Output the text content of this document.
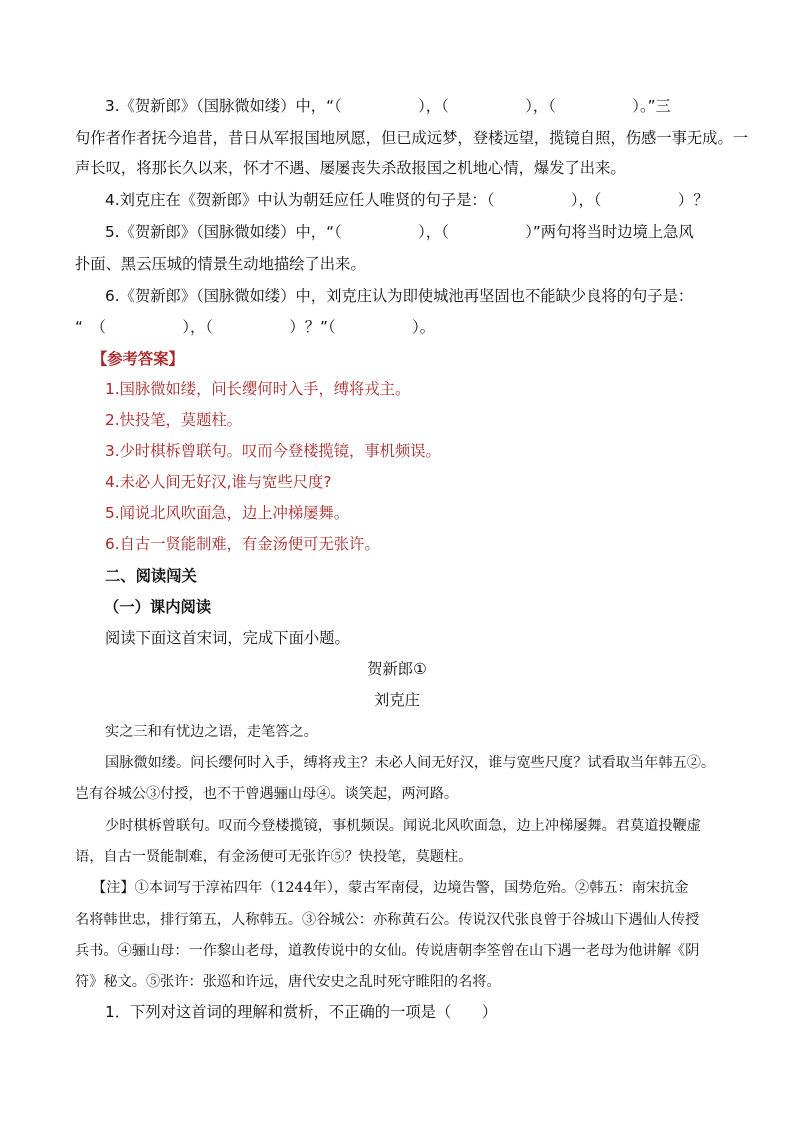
3.《贺新郎》（国脉微如缕）中，“（　　　　　），（　　　　　），（　　　　　）。”三
句作者作者抚今追昔，昔日从军报国地夙愿，但已成远梦，登楼远望，揽镜自照，伤感一事无成。一
声长叹，将那长久以来，怀才不遇、屡屡丧失杀敌报国之机地心情，爆发了出来。
4.刘克庄在《贺新郎》中认为朝廷应任人唯贤的句子是：（　　　　　），（　　　　　）？
5.《贺新郎》（国脉微如缕）中，“（　　　　　），（　　　　　）”两句将当时边境上急风
扑面、黑云压城的情景生动地描绘了出来。
6.《贺新郎》（国脉微如缕）中，刘克庄认为即使城池再坚固也不能缺少良将的句子是：
“　（　　　　　），（　　　　　）？”（　　　　　）。
【参考答案】
1.国脉微如缕，问长缨何时入手，缚将戎主。
2.快投笔，莫题柱。
3.少时棋柝曾联句。叹而今登楼揽镜，事机频误。
4.未必人间无好汉,谁与宽些尺度?
5.闻说北风吹面急，边上冲梯屡舞。
6.自古一贤能制难，有金汤便可无张许。
二、阅读闯关
（一）课内阅读
阅读下面这首宋词，完成下面小题。
贺新郎①
刘克庄
实之三和有忧边之语，走笔答之。
国脉微如缕。问长缨何时入手，缚将戎主？未必人间无好汉，谁与宽些尺度？试看取当年韩五②。
岂有谷城公③付授，也不干曾遇骊山母④。谈笑起，两河路。
少时棋柝曾联句。叹而今登楼揽镜，事机频误。闻说北风吹面急，边上冲梯屡舞。君莫道投鞭虚
语，自古一贤能制难，有金汤便可无张许⑤？快投笔，莫题柱。
【注】①本词写于淳祐四年（1244年），蒙古军南侵，边境告警，国势危殆。②韩五：南宋抗金
名将韩世忠，排行第五，人称韩五。③谷城公：亦称黄石公。传说汉代张良曾于谷城山下遇仙人传授
兵书。④骊山母：一作黎山老母，道教传说中的女仙。传说唐朝李筌曾在山下遇一老母为他讲解《阴
符》秘文。⑤张许：张巡和许远，唐代安史之乱时死守睢阳的名将。
1．下列对这首词的理解和赏析，不正确的一项是（　　）
